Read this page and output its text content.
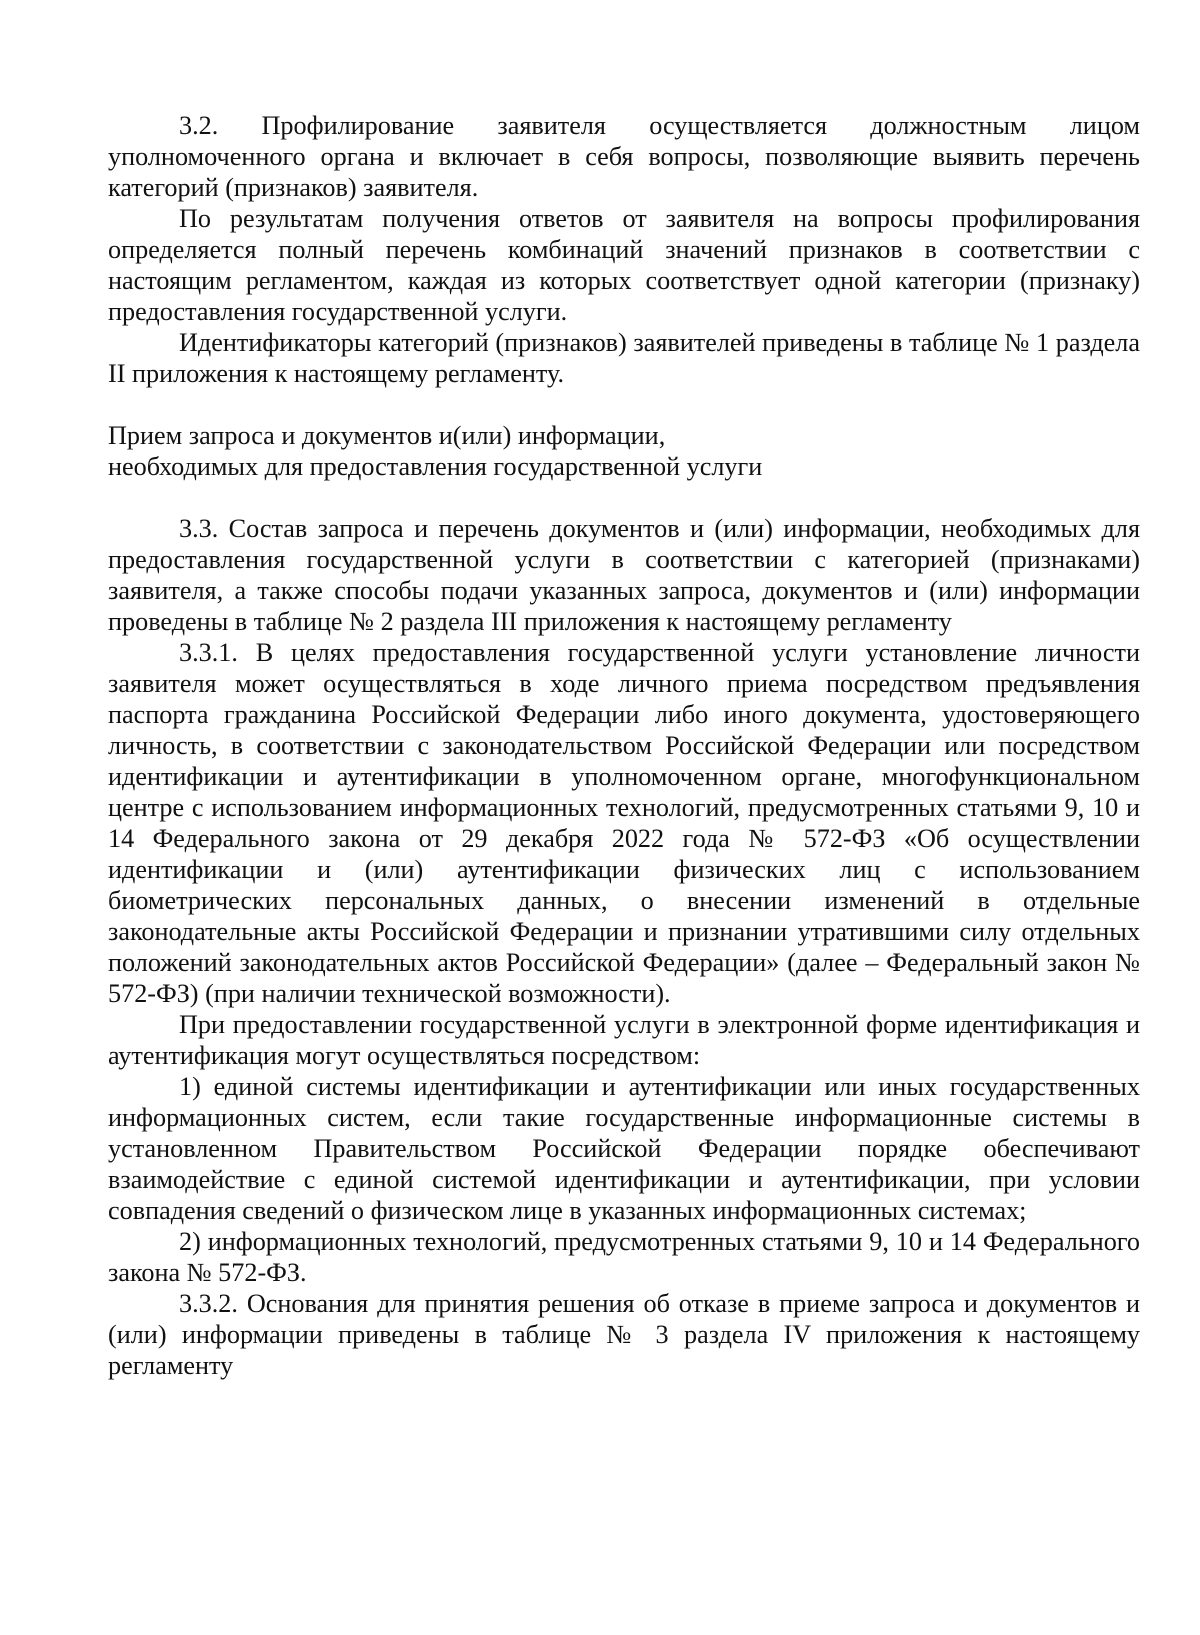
3.2. Профилирование заявителя осуществляется должностным лицом уполномоченного органа и включает в себя вопросы, позволяющие выявить перечень категорий (признаков) заявителя.

По результатам получения ответов от заявителя на вопросы профилирования определяется полный перечень комбинаций значений признаков в соответствии с настоящим регламентом, каждая из которых соответствует одной категории (признаку) предоставления государственной услуги.

Идентификаторы категорий (признаков) заявителей приведены в таблице № 1 раздела II приложения к настоящему регламенту.

Прием запроса и документов и(или) информации,
необходимых для предоставления государственной услуги

3.3. Состав запроса и перечень документов и (или) информации, необходимых для предоставления государственной услуги в соответствии с категорией (признаками) заявителя, а также способы подачи указанных запроса, документов и (или) информации проведены в таблице № 2 раздела III приложения к настоящему регламенту

3.3.1. В целях предоставления государственной услуги установление личности заявителя может осуществляться в ходе личного приема посредством предъявления паспорта гражданина Российской Федерации либо иного документа, удостоверяющего личность, в соответствии с законодательством Российской Федерации или посредством идентификации и аутентификации в уполномоченном органе, многофункциональном центре с использованием информационных технологий, предусмотренных статьями 9, 10 и 14 Федерального закона от 29 декабря 2022 года № 572-ФЗ «Об осуществлении идентификации и (или) аутентификации физических лиц с использованием биометрических персональных данных, о внесении изменений в отдельные законодательные акты Российской Федерации и признании утратившими силу отдельных положений законодательных актов Российской Федерации» (далее – Федеральный закон № 572-ФЗ) (при наличии технической возможности).

При предоставлении государственной услуги в электронной форме идентификация и аутентификация могут осуществляться посредством:

1) единой системы идентификации и аутентификации или иных государственных информационных систем, если такие государственные информационные системы в установленном Правительством Российской Федерации порядке обеспечивают взаимодействие с единой системой идентификации и аутентификации, при условии совпадения сведений о физическом лице в указанных информационных системах;

2) информационных технологий, предусмотренных статьями 9, 10 и 14 Федерального закона № 572-ФЗ.

3.3.2. Основания для принятия решения об отказе в приеме запроса и документов и (или) информации приведены в таблице № 3 раздела IV приложения к настоящему регламенту
